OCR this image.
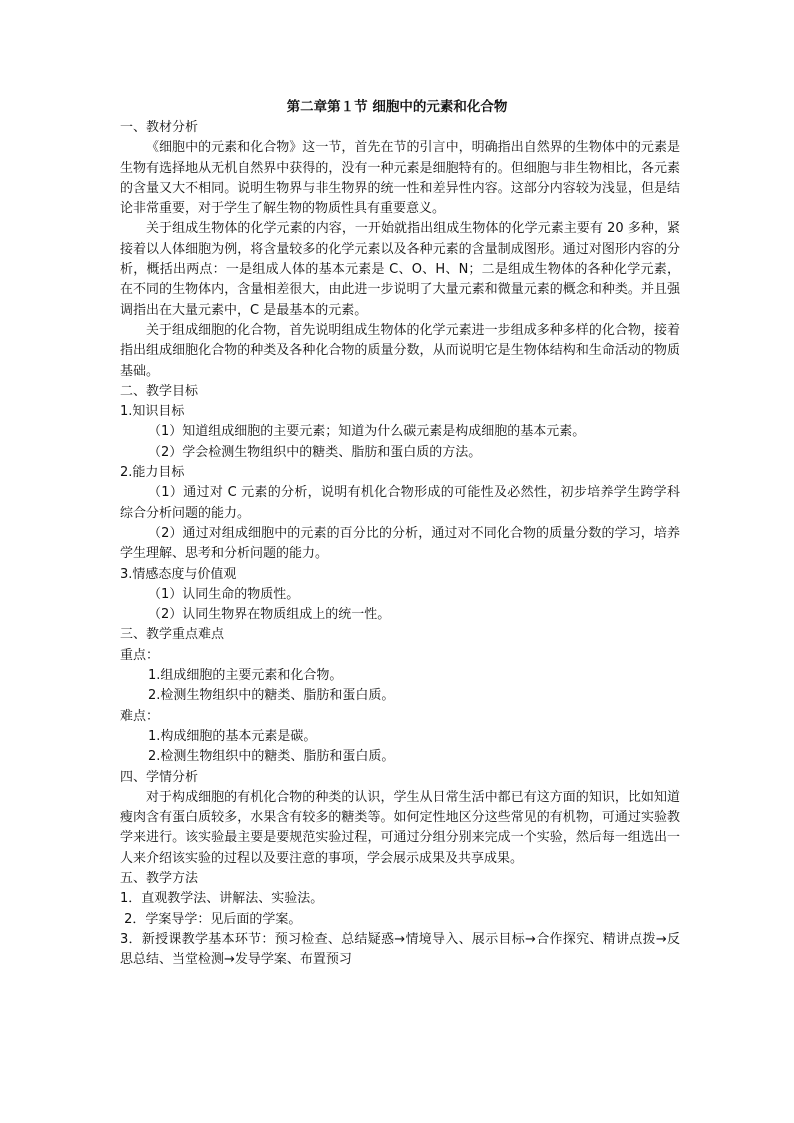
第二章第１节 细胞中的元素和化合物

一、教材分析

《细胞中的元素和化合物》这一节，首先在节的引言中，明确指出自然界的生物体中的元素是生物有选择地从无机自然界中获得的，没有一种元素是细胞特有的。但细胞与非生物相比，各元素的含量又大不相同。说明生物界与非生物界的统一性和差异性内容。这部分内容较为浅显，但是结论非常重要，对于学生了解生物的物质性具有重要意义。

关于组成生物体的化学元素的内容，一开始就指出组成生物体的化学元素主要有 20 多种，紧接着以人体细胞为例，将含量较多的化学元素以及各种元素的含量制成图形。通过对图形内容的分析，概括出两点：一是组成人体的基本元素是 C、O、H、N；二是组成生物体的各种化学元素，在不同的生物体内，含量相差很大，由此进一步说明了大量元素和微量元素的概念和种类。并且强调指出在大量元素中，C 是最基本的元素。

关于组成细胞的化合物，首先说明组成生物体的化学元素进一步组成多种多样的化合物，接着指出组成细胞化合物的种类及各种化合物的质量分数，从而说明它是生物体结构和生命活动的物质基础。

二、教学目标

1.知识目标

（1）知道组成细胞的主要元素；知道为什么碳元素是构成细胞的基本元素。

（2）学会检测生物组织中的糖类、脂肪和蛋白质的方法。

2.能力目标

（1）通过对 C 元素的分析，说明有机化合物形成的可能性及必然性，初步培养学生跨学科综合分析问题的能力。

（2）通过对组成细胞中的元素的百分比的分析，通过对不同化合物的质量分数的学习，培养学生理解、思考和分析问题的能力。

3.情感态度与价值观

（1）认同生命的物质性。

（2）认同生物界在物质组成上的统一性。

三、教学重点难点

重点：

1.组成细胞的主要元素和化合物。

2.检测生物组织中的糖类、脂肪和蛋白质。

难点：

1.构成细胞的基本元素是碳。

2.检测生物组织中的糖类、脂肪和蛋白质。

四、学情分析

对于构成细胞的有机化合物的种类的认识，学生从日常生活中都已有这方面的知识，比如知道瘦肉含有蛋白质较多，水果含有较多的糖类等。如何定性地区分这些常见的有机物，可通过实验教学来进行。该实验最主要是要规范实验过程，可通过分组分别来完成一个实验，然后每一组选出一人来介绍该实验的过程以及要注意的事项，学会展示成果及共享成果。

五、教学方法

1．直观教学法、讲解法、实验法。

2．学案导学：见后面的学案。

3．新授课教学基本环节：预习检查、总结疑惑→情境导入、展示目标→合作探究、精讲点拨→反思总结、当堂检测→发导学案、布置预习
